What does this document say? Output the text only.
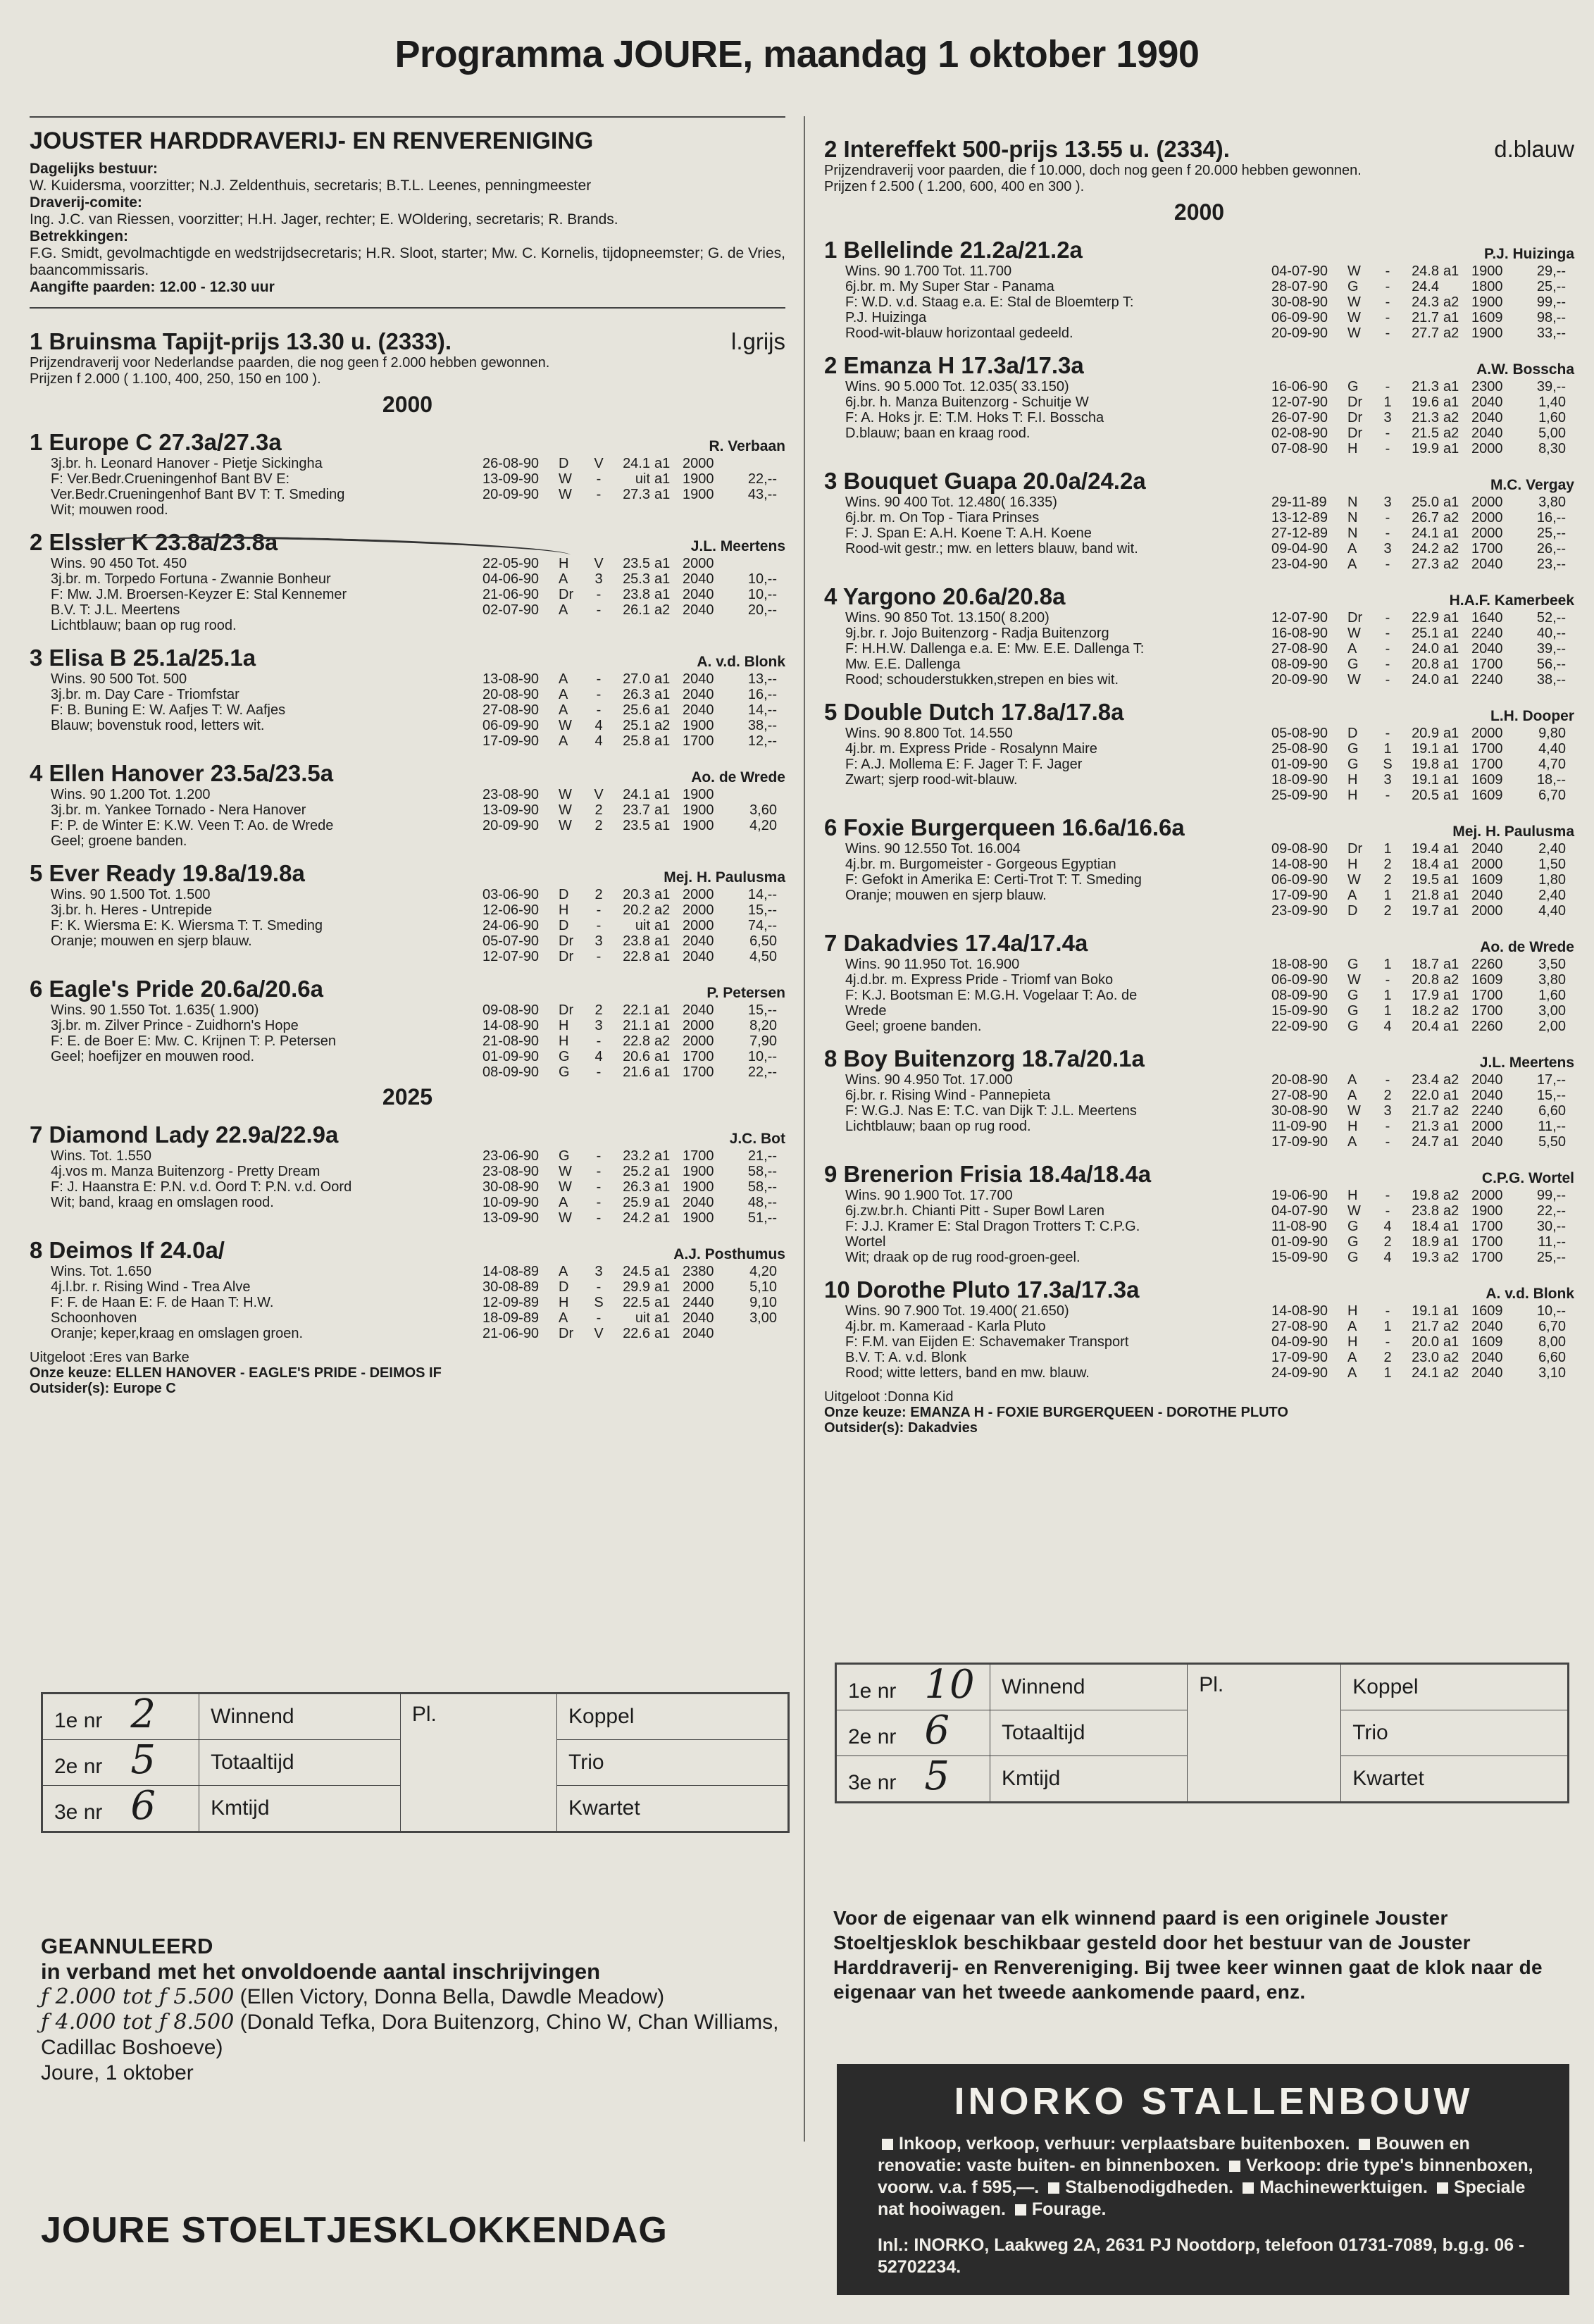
Programma JOURE, maandag 1 oktober 1990
JOUSTER HARDDRAVERIJ- EN RENVERENIGING
Dagelijks bestuur:
W. Kuidersma, voorzitter; N.J. Zeldenthuis, secretaris; B.T.L. Leenes, penningmeester
Draverij-comite:
Ing. J.C. van Riessen, voorzitter; H.H. Jager, rechter; E. WOldering, secretaris; R. Brands.
Betrekkingen:
F.G. Smidt, gevolmachtigde en wedstrijdsecretaris; H.R. Sloot, starter; Mw. C. Kornelis, tijdopneemster; G. de Vries, baancommissaris.
Aangifte paarden: 12.00 - 12.30 uur
1 Bruinsma Tapijt-prijs 13.30 u. (2333).	l.grijs
Prijzendraverij voor Nederlandse paarden, die nog geen f 2.000 hebben gewonnen.
Prijzen f 2.000 ( 1.100, 400, 250, 150 en 100 ).
2000
1 Europe C 27.3a/27.3a	R. Verbaan
3j.br. h. Leonard Hanover - Pietje Sickingha
F: Ver.Bedr.Crueningenhof Bant BV E:
Ver.Bedr.Crueningenhof Bant BV T: T. Smeding
Wit; mouwen rood.
26-08-90	D	V	24.1 a1 2000
13-09-90	W	-	uit a1 1900	22,--
20-09-90	W	-	27.3 a1 1900	43,--
2 Elssler K 23.8a/23.8a	J.L. Meertens
Wins. 90 450 Tot. 450
3j.br. m. Torpedo Fortuna - Zwannie Bonheur
F: Mw. J.M. Broersen-Keyzer E: Stal Kennemer
B.V. T: J.L. Meertens
Lichtblauw; baan op rug rood.
22-05-90	H	V	23.5 a1 2000
04-06-90	A	3	25.3 a1 2040	10,--
21-06-90	Dr	-	23.8 a1 2040	10,--
02-07-90	A	-	26.1 a2 2040	20,--
3 Elisa B 25.1a/25.1a	A. v.d. Blonk
Wins. 90 500 Tot. 500
3j.br. m. Day Care - Triomfstar
F: B. Buning E: W. Aafjes T: W. Aafjes
Blauw; bovenstuk rood, letters wit.
13-08-90	A	-	27.0 a1 2040	13,--
20-08-90	A	-	26.3 a1 2040	16,--
27-08-90	A	-	25.6 a1 2040	14,--
06-09-90	W	4	25.1 a2 1900	38,--
17-09-90	A	4	25.8 a1 1700	12,--
4 Ellen Hanover 23.5a/23.5a	Ao. de Wrede
Wins. 90 1.200 Tot. 1.200
3j.br. m. Yankee Tornado - Nera Hanover
F: P. de Winter E: K.W. Veen T: Ao. de Wrede
Geel; groene banden.
23-08-90	W	V	24.1 a1 1900
13-09-90	W	2	23.7 a1 1900	3,60
20-09-90	W	2	23.5 a1 1900	4,20
5 Ever Ready 19.8a/19.8a	Mej. H. Paulusma
Wins. 90 1.500 Tot. 1.500
3j.br. h. Heres - Untrepide
F: K. Wiersma E: K. Wiersma T: T. Smeding
Oranje; mouwen en sjerp blauw.
03-06-90	D	2	20.3 a1 2000	14,--
12-06-90	H	-	20.2 a2 2000	15,--
24-06-90	D	-	uit a1 2000	74,--
05-07-90	Dr	3	23.8 a1 2040	6,50
12-07-90	Dr	-	22.8 a1 2040	4,50
6 Eagle's Pride 20.6a/20.6a	P. Petersen
Wins. 90 1.550 Tot. 1.635( 1.900)
3j.br. m. Zilver Prince - Zuidhorn's Hope
F: E. de Boer E: Mw. C. Krijnen T: P. Petersen
Geel; hoefijzer en mouwen rood.
09-08-90	Dr	2	22.1 a1 2040	15,--
14-08-90	H	3	21.1 a1 2000	8,20
21-08-90	H	-	22.8 a2 2000	7,90
01-09-90	G	4	20.6 a1 1700	10,--
08-09-90	G	-	21.6 a1 1700	22,--
2025
7 Diamond Lady 22.9a/22.9a	J.C. Bot
Wins. Tot. 1.550
4j.vos m. Manza Buitenzorg - Pretty Dream
F: J. Haanstra E: P.N. v.d. Oord T: P.N. v.d. Oord
Wit; band, kraag en omslagen rood.
23-06-90	G	-	23.2 a1 1700	21,--
23-08-90	W	-	25.2 a1 1900	58,--
30-08-90	W	-	26.3 a1 1900	58,--
10-09-90	A	-	25.9 a1 2040	48,--
13-09-90	W	-	24.2 a1 1900	51,--
8 Deimos If 24.0a/	A.J. Posthumus
Wins. Tot. 1.650
4j.l.br. r. Rising Wind - Trea Alve
F: F. de Haan E: F. de Haan T: H.W.
Schoonhoven
Oranje; keper,kraag en omslagen groen.
14-08-89	A	3	24.5 a1 2380	4,20
30-08-89	D	-	29.9 a1 2000	5,10
12-09-89	H	S	22.5 a1 2440	9,10
18-09-89	A	-	uit a1 2040	3,00
21-06-90	Dr	V	22.6 a1 2040
Uitgeloot :Eres van Barke
Onze keuze: ELLEN HANOVER - EAGLE'S PRIDE - DEIMOS IF
Outsider(s): Europe C
2 Intereffekt 500-prijs 13.55 u. (2334).	d.blauw
Prijzendraverij voor paarden, die f 10.000, doch nog geen f 20.000 hebben gewonnen.
Prijzen f 2.500 ( 1.200, 600, 400 en 300 ).
2000
1 Bellelinde 21.2a/21.2a	P.J. Huizinga
Wins. 90 1.700 Tot. 11.700
6j.br. m. My Super Star - Panama
F: W.D. v.d. Staag e.a. E: Stal de Bloemterp T:
P.J. Huizinga
Rood-wit-blauw horizontaal gedeeld.
04-07-90	W	-	24.8 a1 1900	29,--
28-07-90	G	-	24.4	1800	25,--
30-08-90	W	-	24.3 a2 1900	99,--
06-09-90	W	-	21.7 a1 1609	98,--
20-09-90	W	-	27.7 a2 1900	33,--
2 Emanza H 17.3a/17.3a	A.W. Bosscha
Wins. 90 5.000 Tot. 12.035( 33.150)
6j.br. h. Manza Buitenzorg - Schuitje W
F: A. Hoks jr. E: T.M. Hoks T: F.I. Bosscha
D.blauw; baan en kraag rood.
16-06-90	G	-	21.3 a1 2300	39,--
12-07-90	Dr	1	19.6 a1 2040	1,40
26-07-90	Dr	3	21.3 a2 2040	1,60
02-08-90	Dr	-	21.5 a2 2040	5,00
07-08-90	H	-	19.9 a1 2000	8,30
3 Bouquet Guapa 20.0a/24.2a	M.C. Vergay
Wins. 90 400 Tot. 12.480( 16.335)
6j.br. m. On Top - Tiara Prinses
F: J. Span E: A.H. Koene T: A.H. Koene
Rood-wit gestr.; mw. en letters blauw, band wit.
29-11-89	N	3	25.0 a1 2000	3,80
13-12-89	N	-	26.7 a2 2000	16,--
27-12-89	N	-	24.1 a1 2000	25,--
09-04-90	A	3	24.2 a2 1700	26,--
23-04-90	A	-	27.3 a2 2040	23,--
4 Yargono 20.6a/20.8a	H.A.F. Kamerbeek
Wins. 90 850 Tot. 13.150( 8.200)
9j.br. r. Jojo Buitenzorg - Radja Buitenzorg
F: H.H.W. Dallenga e.a. E: Mw. E.E. Dallenga T:
Mw. E.E. Dallenga
Rood; schouderstukken,strepen en bies wit.
12-07-90	Dr	-	22.9 a1 1640	52,--
16-08-90	W	-	25.1 a1 2240	40,--
27-08-90	A	-	24.0 a1 2040	39,--
08-09-90	G	-	20.8 a1 1700	56,--
20-09-90	W	-	24.0 a1 2240	38,--
5 Double Dutch 17.8a/17.8a	L.H. Dooper
Wins. 90 8.800 Tot. 14.550
4j.br. m. Express Pride - Rosalynn Maire
F: A.J. Mollema E: F. Jager T: F. Jager
Zwart; sjerp rood-wit-blauw.
05-08-90	D	-	20.9 a1 2000	9,80
25-08-90	G	1	19.1 a1 1700	4,40
01-09-90	G	S	19.8 a1 1700	4,70
18-09-90	H	3	19.1 a1 1609	18,--
25-09-90	H	-	20.5 a1 1609	6,70
6 Foxie Burgerqueen 16.6a/16.6a	Mej. H. Paulusma
Wins. 90 12.550 Tot. 16.004
4j.br. m. Burgomeister - Gorgeous Egyptian
F: Gefokt in Amerika E: Certi-Trot T: T. Smeding
Oranje; mouwen en sjerp blauw.
09-08-90	Dr	1	19.4 a1 2040	2,40
14-08-90	H	2	18.4 a1 2000	1,50
06-09-90	W	2	19.5 a1 1609	1,80
17-09-90	A	1	21.8 a1 2040	2,40
23-09-90	D	2	19.7 a1 2000	4,40
7 Dakadvies 17.4a/17.4a	Ao. de Wrede
Wins. 90 11.950 Tot. 16.900
4j.d.br. m. Express Pride - Triomf van Boko
F: K.J. Bootsman E: M.G.H. Vogelaar T: Ao. de
Wrede
Geel; groene banden.
18-08-90	G	1	18.7 a1 2260	3,50
06-09-90	W	-	20.8 a2 1609	3,80
08-09-90	G	1	17.9 a1 1700	1,60
15-09-90	G	1	18.2 a2 1700	3,00
22-09-90	G	4	20.4 a1 2260	2,00
8 Boy Buitenzorg 18.7a/20.1a	J.L. Meertens
Wins. 90 4.950 Tot. 17.000
6j.br. r. Rising Wind - Pannepieta
F: W.G.J. Nas E: T.C. van Dijk T: J.L. Meertens
Lichtblauw; baan op rug rood.
20-08-90	A	-	23.4 a2 2040	17,--
27-08-90	A	2	22.0 a1 2040	15,--
30-08-90	W	3	21.7 a2 2240	6,60
11-09-90	H	-	21.3 a1 2000	11,--
17-09-90	A	-	24.7 a1 2040	5,50
9 Brenerion Frisia 18.4a/18.4a	C.P.G. Wortel
Wins. 90 1.900 Tot. 17.700
6j.zw.br.h. Chianti Pitt - Super Bowl Laren
F: J.J. Kramer E: Stal Dragon Trotters T: C.P.G.
Wortel
Wit; draak op de rug rood-groen-geel.
19-06-90	H	-	19.8 a2 2000	99,--
04-07-90	W	-	23.8 a2 1900	22,--
11-08-90	G	4	18.4 a1 1700	30,--
01-09-90	G	2	18.9 a1 1700	11,--
15-09-90	G	4	19.3 a2 1700	25,--
10 Dorothe Pluto 17.3a/17.3a	A. v.d. Blonk
Wins. 90 7.900 Tot. 19.400( 21.650)
4j.br. m. Kameraad - Karla Pluto
F: F.M. van Eijden E: Schavemaker Transport
B.V. T: A. v.d. Blonk
Rood; witte letters, band en mw. blauw.
14-08-90	H	-	19.1 a1 1609	10,--
27-08-90	A	1	21.7 a2 2040	6,70
04-09-90	H	-	20.0 a1 1609	8,00
17-09-90	A	2	23.0 a2 2040	6,60
24-09-90	A	1	24.1 a2 2040	3,10
Uitgeloot :Donna Kid
Onze keuze: EMANZA H - FOXIE BURGERQUEEN - DOROTHE PLUTO
Outsider(s): Dakadvies
1e nr 2	Winnend	Pl.	Koppel
2e nr 5	Totaaltijd		Trio
3e nr 6	Kmtijd		Kwartet
1e nr 10	Winnend	Pl.	Koppel
2e nr 6	Totaaltijd		Trio
3e nr 5	Kmtijd		Kwartet
GEANNULEERD
in verband met het onvoldoende aantal inschrijvingen
ƒ 2.000 tot ƒ 5.500 (Ellen Victory, Donna Bella, Dawdle Meadow)
ƒ 4.000 tot ƒ 8.500 (Donald Tefka, Dora Buitenzorg, Chino W, Chan Williams, Cadillac Boshoeve)
Joure, 1 oktober
JOURE STOELTJESKLOKKENDAG
Voor de eigenaar van elk winnend paard is een originele Jouster Stoeltjesklok beschikbaar gesteld door het bestuur van de Jouster Harddraverij- en Renvereniging. Bij twee keer winnen gaat de klok naar de eigenaar van het tweede aankomende paard, enz.
INORKO STALLENBOUW
Inkoop, verkoop, verhuur: verplaatsbare buitenboxen. Bouwen en renovatie: vaste buiten- en binnenboxen. Verkoop: drie type's binnenboxen, voorw. v.a. f 595,—. Stalbenodigdheden. Machinewerktuigen. Speciale nat hooiwagen. Fourage.
Inl.: INORKO, Laakweg 2A, 2631 PJ Nootdorp, telefoon 01731-7089, b.g.g. 06 - 52702234.
